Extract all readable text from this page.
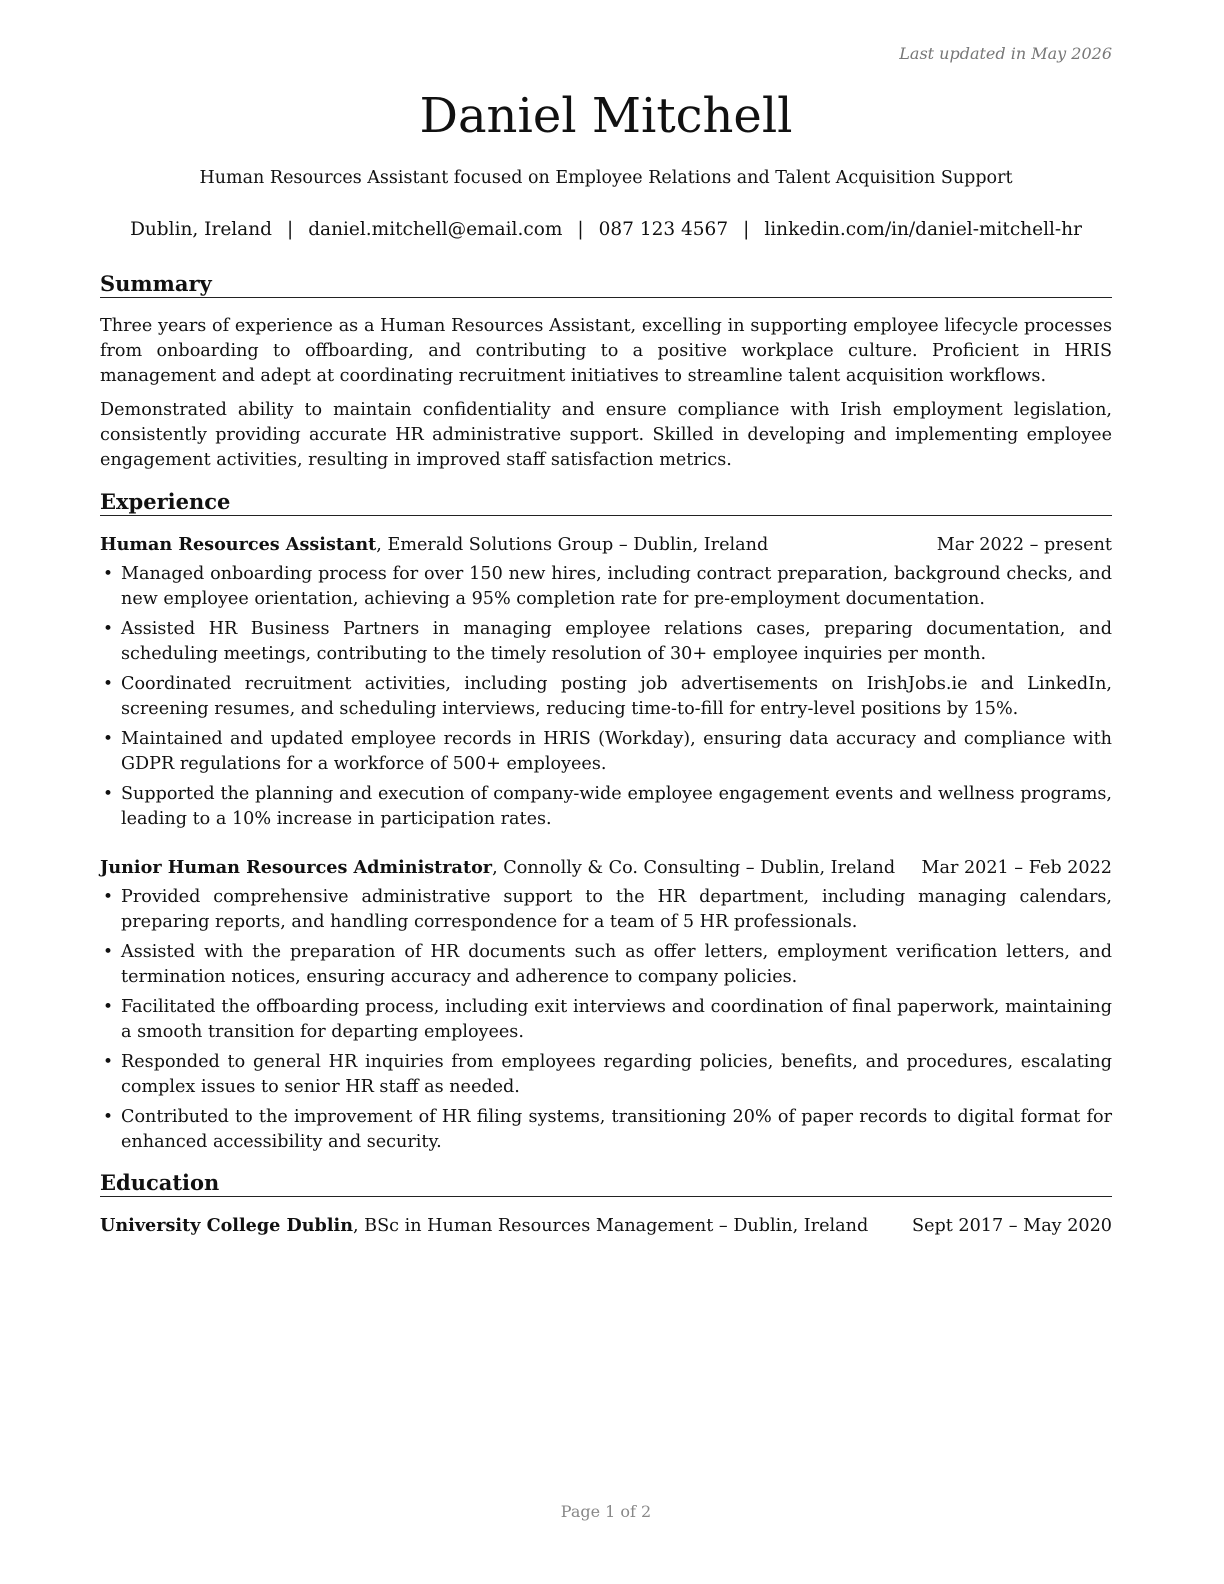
Last updated in May 2026
Daniel Mitchell
Human Resources Assistant focused on Employee Relations and Talent Acquisition Support
Dublin, Ireland | daniel.mitchell@email.com | 087 123 4567 | linkedin.com/in/daniel-mitchell-hr
Summary

Three years of experience as a Human Resources Assistant, excelling in supporting employee lifecycle processes from onboarding to offboarding, and contributing to a positive workplace culture. Proficient in HRIS management and adept at coordinating recruitment initiatives to streamline talent acquisition workflows.

Demonstrated ability to maintain confidentiality and ensure compliance with Irish employment legislation, consistently providing accurate HR administrative support. Skilled in developing and implementing employee engagement activities, resulting in improved staff satisfaction metrics.

Experience
Human Resources Assistant, Emerald Solutions Group – Dublin, Ireland	Mar 2022 – present
• Managed onboarding process for over 150 new hires, including contract preparation, background checks, and new employee orientation, achieving a 95% completion rate for pre-employment documentation.
• Assisted HR Business Partners in managing employee relations cases, preparing documentation, and scheduling meetings, contributing to the timely resolution of 30+ employee inquiries per month.
• Coordinated recruitment activities, including posting job advertisements on IrishJobs.ie and LinkedIn, screening resumes, and scheduling interviews, reducing time-to-fill for entry-level positions by 15%.
• Maintained and updated employee records in HRIS (Workday), ensuring data accuracy and compliance with GDPR regulations for a workforce of 500+ employees.
• Supported the planning and execution of company-wide employee engagement events and wellness programs, leading to a 10% increase in participation rates.
Junior Human Resources Administrator, Connolly & Co. Consulting – Dublin, Ireland Mar 2021 – Feb 2022
• Provided comprehensive administrative support to the HR department, including managing calendars, preparing reports, and handling correspondence for a team of 5 HR professionals.
• Assisted with the preparation of HR documents such as offer letters, employment verification letters, and termination notices, ensuring accuracy and adherence to company policies.
• Facilitated the offboarding process, including exit interviews and coordination of final paperwork, maintaining a smooth transition for departing employees.
• Responded to general HR inquiries from employees regarding policies, benefits, and procedures, escalating complex issues to senior HR staff as needed.
• Contributed to the improvement of HR filing systems, transitioning 20% of paper records to digital format for enhanced accessibility and security.
Education
University College Dublin, BSc in Human Resources Management – Dublin, Ireland Sept 2017 – May 2020
Page 1 of 2
